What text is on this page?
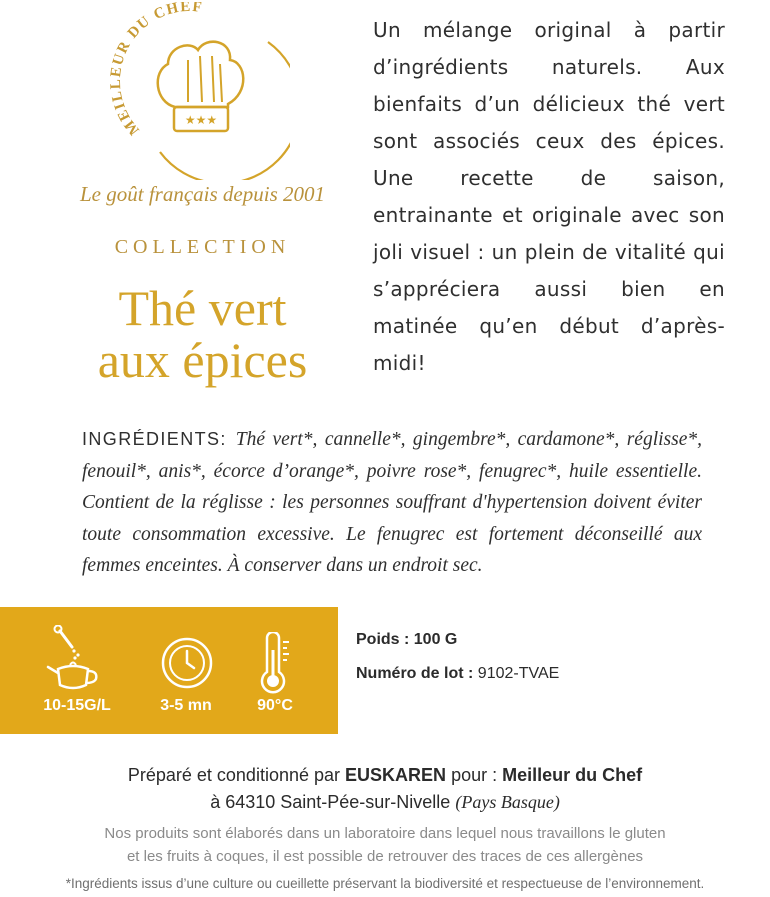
MEILLEUR DU CHEF
★★★
Le goût français depuis 2001
COLLECTION
Thé vert
aux épices
Un mélange original à partir d’ingrédients naturels. Aux bienfaits d’un délicieux thé vert sont associés ceux des épices. Une recette de saison, entrainante et originale avec son joli visuel : un plein de vitalité qui s’appréciera aussi bien en matinée qu’en début d’après-midi!
INGRÉDIENTS: Thé vert*, cannelle*, gingembre*, cardamone*, réglisse*, fenouil*, anis*, écorce d’orange*, poivre rose*, fenugrec*, huile essentielle.Contient de la réglisse : les personnes souffrant d'hypertension doivent éviter toute consommation excessive. Le fenugrec est fortement déconseillé aux femmes enceintes. À conserver dans un endroit sec.
10-15G/L	3-5 mn	90°C
Poids : 100 G
Numéro de lot : 9102-TVAE
Préparé et conditionné par EUSKAREN pour : Meilleur du Chef
à 64310 Saint-Pée-sur-Nivelle (Pays Basque)
Nos produits sont élaborés dans un laboratoire dans lequel nous travaillons le gluten
et les fruits à coques, il est possible de retrouver des traces de ces allergènes
*Ingrédients issus d’une culture ou cueillette préservant la biodiversité et respectueuse de l’environnement.
